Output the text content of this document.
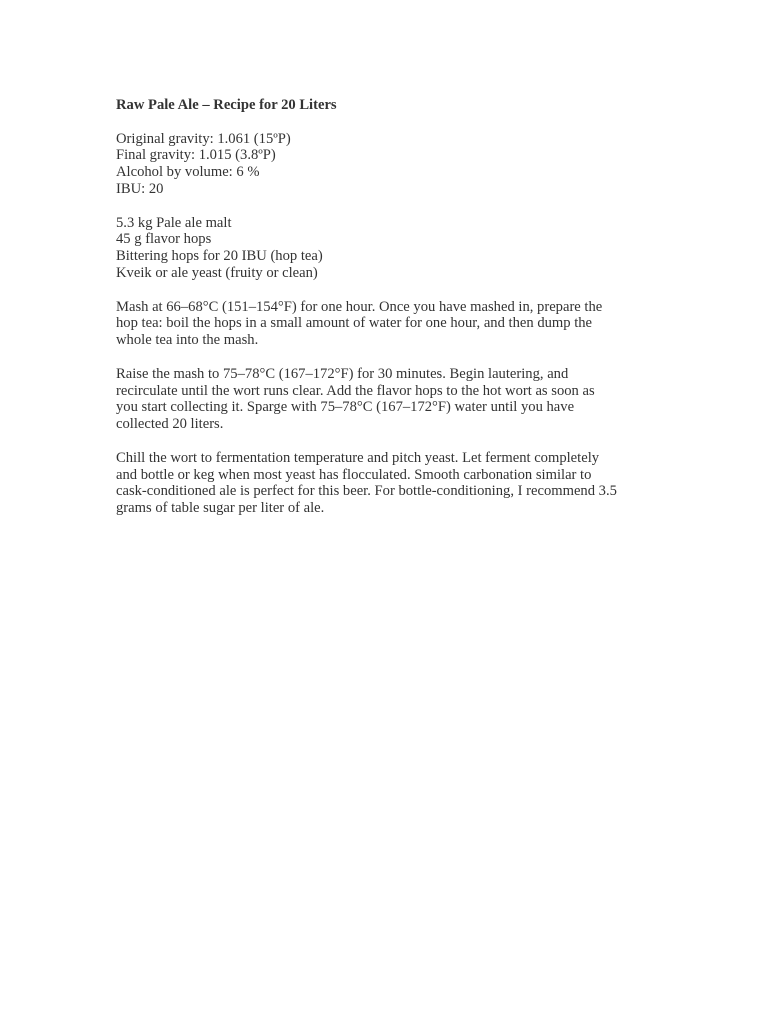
Raw Pale Ale – Recipe for 20 Liters
Original gravity: 1.061 (15ºP)
Final gravity: 1.015 (3.8ºP)
Alcohol by volume: 6 %
IBU: 20
5.3 kg Pale ale malt
45 g flavor hops
Bittering hops for 20 IBU (hop tea)
Kveik or ale yeast (fruity or clean)
Mash at 66–68°C (151–154°F) for one hour. Once you have mashed in, prepare the
hop tea: boil the hops in a small amount of water for one hour, and then dump the
whole tea into the mash.
Raise the mash to 75–78°C (167–172°F) for 30 minutes. Begin lautering, and
recirculate until the wort runs clear. Add the flavor hops to the hot wort as soon as
you start collecting it. Sparge with 75–78°C (167–172°F) water until you have
collected 20 liters.
Chill the wort to fermentation temperature and pitch yeast. Let ferment completely
and bottle or keg when most yeast has flocculated. Smooth carbonation similar to
cask-conditioned ale is perfect for this beer. For bottle-conditioning, I recommend 3.5
grams of table sugar per liter of ale.
